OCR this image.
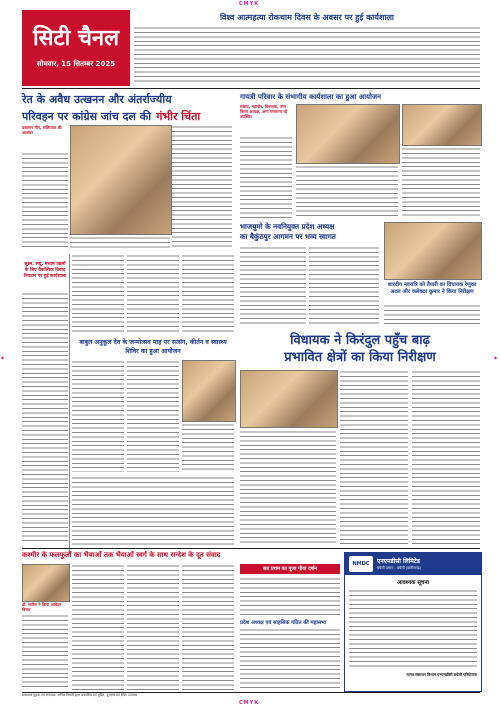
CMYK
CMYK
◆	◆
सिटी चैनल
सोमवार, 15 सितम्बर 2025
विश्व आत्महत्या रोकथाम दिवस के अवसर पर हुई कार्यशाला
रेत के अवैध उत्खनन और अंतर्राज्यीय
परिवहन पर कांग्रेस जांच दल की गंभीर चिंता
प्रशासन मौन, संलिप्तता की आशंका
गायत्री परिवार के संभागीय कार्यशाला का हुआ आयोजन
सांसद, महापौर, विधायक, नगर निगम अध्यक्ष, अन्य गणमान्य रहे उपस्थित
भाजयुमो के नवनियुक्त प्रदेश अध्यक्ष
का बैकुंठपुर आगमन पर भव्य स्वागत
शारदीय नवरात्रि को तैयारी का विधायक रेणुका अटल और कलेक्टर कुमार ने किया निरीक्षण
सूक्ष्म, लघु, मध्यम उद्यमों के लिए वैकल्पिक विवाद निपटान पर हुई कार्यशाला
बाबुल अनुकूल देव के जन्मोत्सव माह पर सत्संग, कीर्तन व स्वास्थ्य शिविर का हुआ आयोजन
विधायक ने किरंदुल पहुँच बाढ़
प्रभावित क्षेत्रों का किया निरीक्षण
कश्मीर के फलफूलों का भैयाओं तक भैयाओं स्वर्ग के साथ सन्देश के दूत संवाद
डॉ. सतीश ने किया आवेदन विचार
सत प्रथम का पूजा पीया दर्शन
प्रदेश अध्यक्ष एवं साहसिक गठित की महासभा
NMDC	एनएमडीसी लिमिटेड
बचेली प्रभाग - बचेली (छत्तीसगढ़)
आवश्यक सूचना
मानव संसाधन विभाग एनएमडीसी बचेली परियोजना
प्रकाशक मुद्रक एवं संपादक: अनिल तिवारी द्वारा प्रकाशित एवं मुद्रित, दूरभाष एवं ईमेल उपलब्ध
